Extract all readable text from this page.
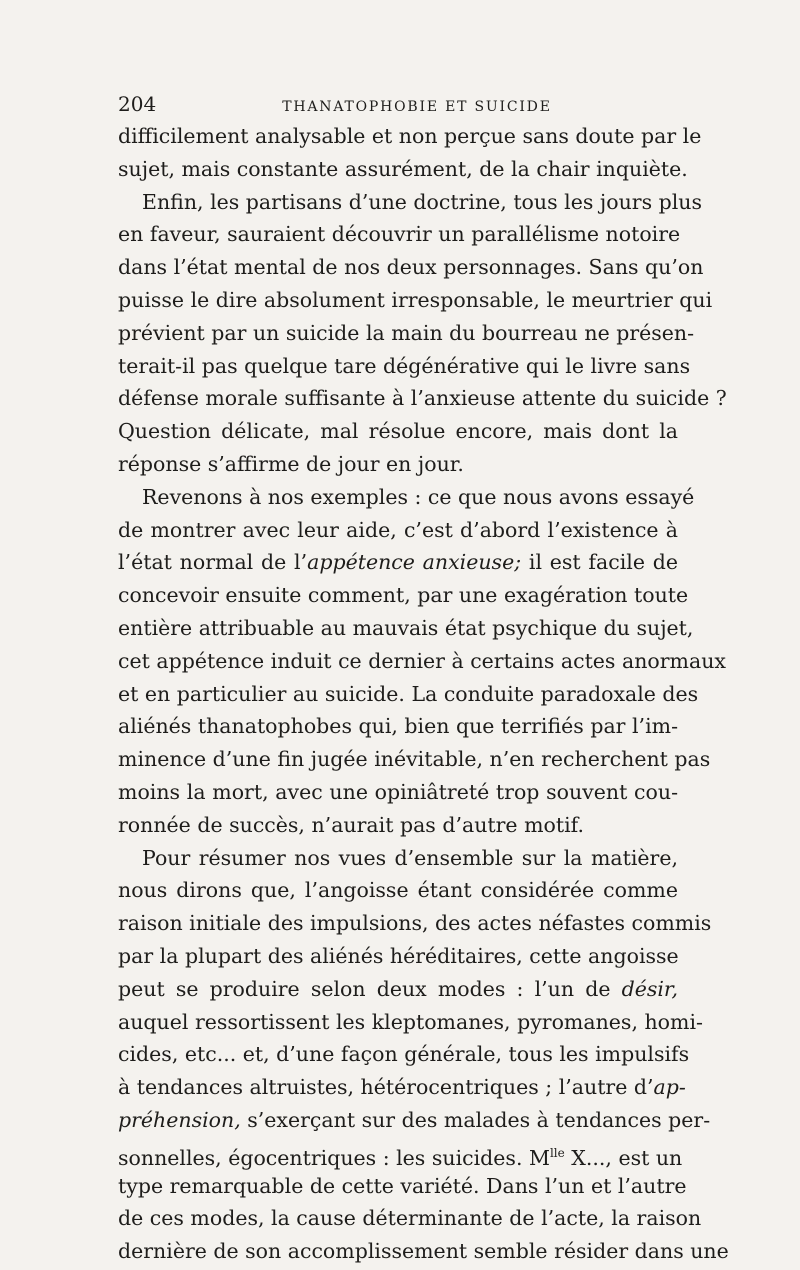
204	THANATOPHOBIE ET SUICIDE
difficilement analysable et non perçue sans doute par le
sujet, mais constante assurément, de la chair inquiète.
Enfin, les partisans d’une doctrine, tous les jours plus
en faveur, sauraient découvrir un parallélisme notoire
dans l’état mental de nos deux personnages. Sans qu’on
puisse le dire absolument irresponsable, le meurtrier qui
prévient par un suicide la main du bourreau ne présen-
terait-il pas quelque tare dégénérative qui le livre sans
défense morale suffisante à l’anxieuse attente du suicide ?
Question délicate, mal résolue encore, mais dont la
réponse s’affirme de jour en jour.
Revenons à nos exemples : ce que nous avons essayé
de montrer avec leur aide, c’est d’abord l’existence à
l’état normal de l’appétence anxieuse; il est facile de
concevoir ensuite comment, par une exagération toute
entière attribuable au mauvais état psychique du sujet,
cet appétence induit ce dernier à certains actes anormaux
et en particulier au suicide. La conduite paradoxale des
aliénés thanatophobes qui, bien que terrifiés par l’im-
minence d’une fin jugée inévitable, n’en recherchent pas
moins la mort, avec une opiniâtreté trop souvent cou-
ronnée de succès, n’aurait pas d’autre motif.
Pour résumer nos vues d’ensemble sur la matière,
nous dirons que, l’angoisse étant considérée comme
raison initiale des impulsions, des actes néfastes commis
par la plupart des aliénés héréditaires, cette angoisse
peut se produire selon deux modes : l’un de désir,
auquel ressortissent les kleptomanes, pyromanes, homi-
cides, etc... et, d’une façon générale, tous les impulsifs
à tendances altruistes, hétérocentriques ; l’autre d’ap-
préhension, s’exerçant sur des malades à tendances per-
sonnelles, égocentriques : les suicides. $M^{lle}$ X..., est un
type remarquable de cette variété. Dans l’un et l’autre
de ces modes, la cause déterminante de l’acte, la raison
dernière de son accomplissement semble résider dans une
